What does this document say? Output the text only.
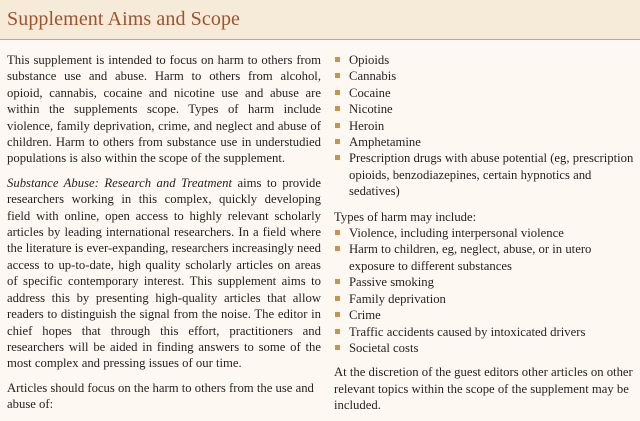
Supplement Aims and Scope

This supplement is intended to focus on harm to others from substance use and abuse. Harm to others from alcohol, opioid, cannabis, cocaine and nicotine use and abuse are within the supplements scope. Types of harm include violence, family deprivation, crime, and neglect and abuse of children. Harm to others from substance use in understudied populations is also within the scope of the supplement.

Substance Abuse: Research and Treatment aims to provide researchers working in this complex, quickly developing field with online, open access to highly relevant scholarly articles by leading international researchers. In a field where the literature is ever-expanding, researchers increasingly need access to up-to-date, high quality scholarly articles on areas of specific contemporary interest. This supplement aims to address this by presenting high-quality articles that allow readers to distinguish the signal from the noise. The editor in chief hopes that through this effort, practitioners and researchers will be aided in finding answers to some of the most complex and pressing issues of our time.

Articles should focus on the harm to others from the use and abuse of:

Opioids
Cannabis
Cocaine
Nicotine
Heroin
Amphetamine
Prescription drugs with abuse potential (eg, prescription opioids, benzodiazepines, certain hypnotics and sedatives)

Types of harm may include:

Violence, including interpersonal violence
Harm to children, eg, neglect, abuse, or in utero exposure to different substances
Passive smoking
Family deprivation
Crime
Traffic accidents caused by intoxicated drivers
Societal costs

At the discretion of the guest editors other articles on other relevant topics within the scope of the supplement may be included.
